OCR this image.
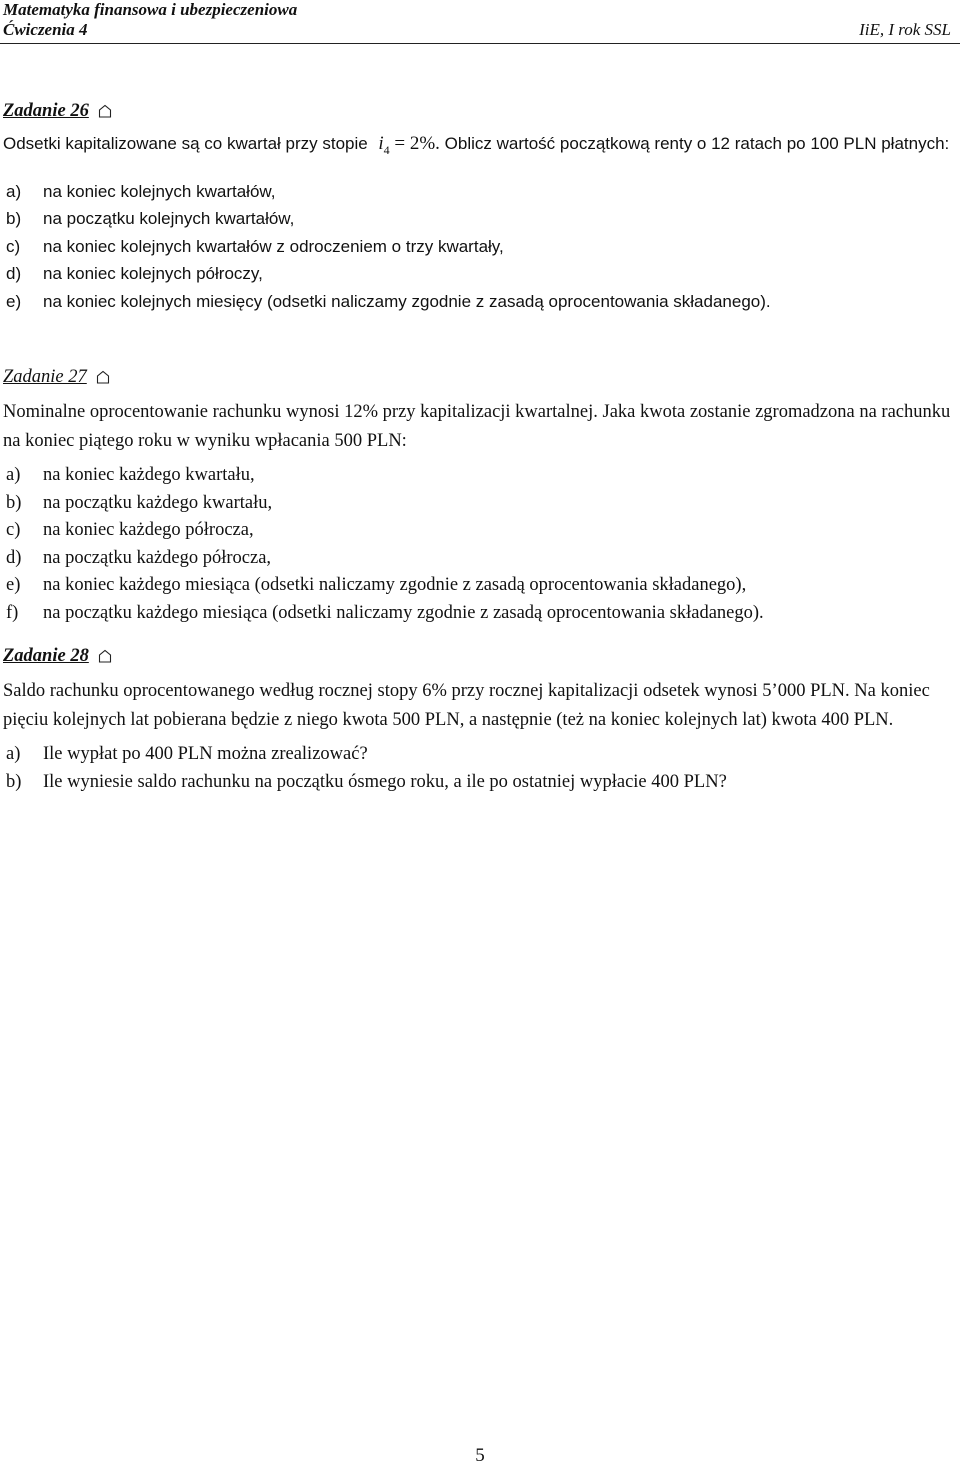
Matematyka finansowa i ubezpieczeniowa
Ćwiczenia 4	IiE, I rok SSL
Zadanie 26
Odsetki kapitalizowane są co kwartał przy stopie $i_4 = 2\%$. Oblicz wartość początkową renty o 12 ratach po 100 PLN płatnych:
a)	na koniec kolejnych kwartałów,
b)	na początku kolejnych kwartałów,
c)	na koniec kolejnych kwartałów z odroczeniem o trzy kwartały,
d)	na koniec kolejnych półroczy,
e)	na koniec kolejnych miesięcy (odsetki naliczamy zgodnie z zasadą oprocentowania składanego).
Zadanie 27
Nominalne oprocentowanie rachunku wynosi 12% przy kapitalizacji kwartalnej. Jaka kwota zostanie zgromadzona na rachunku na koniec piątego roku w wyniku wpłacania 500 PLN:
a)	na koniec każdego kwartału,
b)	na początku każdego kwartału,
c)	na koniec każdego półrocza,
d)	na początku każdego półrocza,
e)	na koniec każdego miesiąca (odsetki naliczamy zgodnie z zasadą oprocentowania składanego),
f)	na początku każdego miesiąca (odsetki naliczamy zgodnie z zasadą oprocentowania składanego).
Zadanie 28
Saldo rachunku oprocentowanego według rocznej stopy 6% przy rocznej kapitalizacji odsetek wynosi 5’000 PLN. Na koniec pięciu kolejnych lat pobierana będzie z niego kwota 500 PLN, a następnie (też na koniec kolejnych lat) kwota 400 PLN.
a)	Ile wypłat po 400 PLN można zrealizować?
b)	Ile wyniesie saldo rachunku na początku ósmego roku, a ile po ostatniej wypłacie 400 PLN?
5
